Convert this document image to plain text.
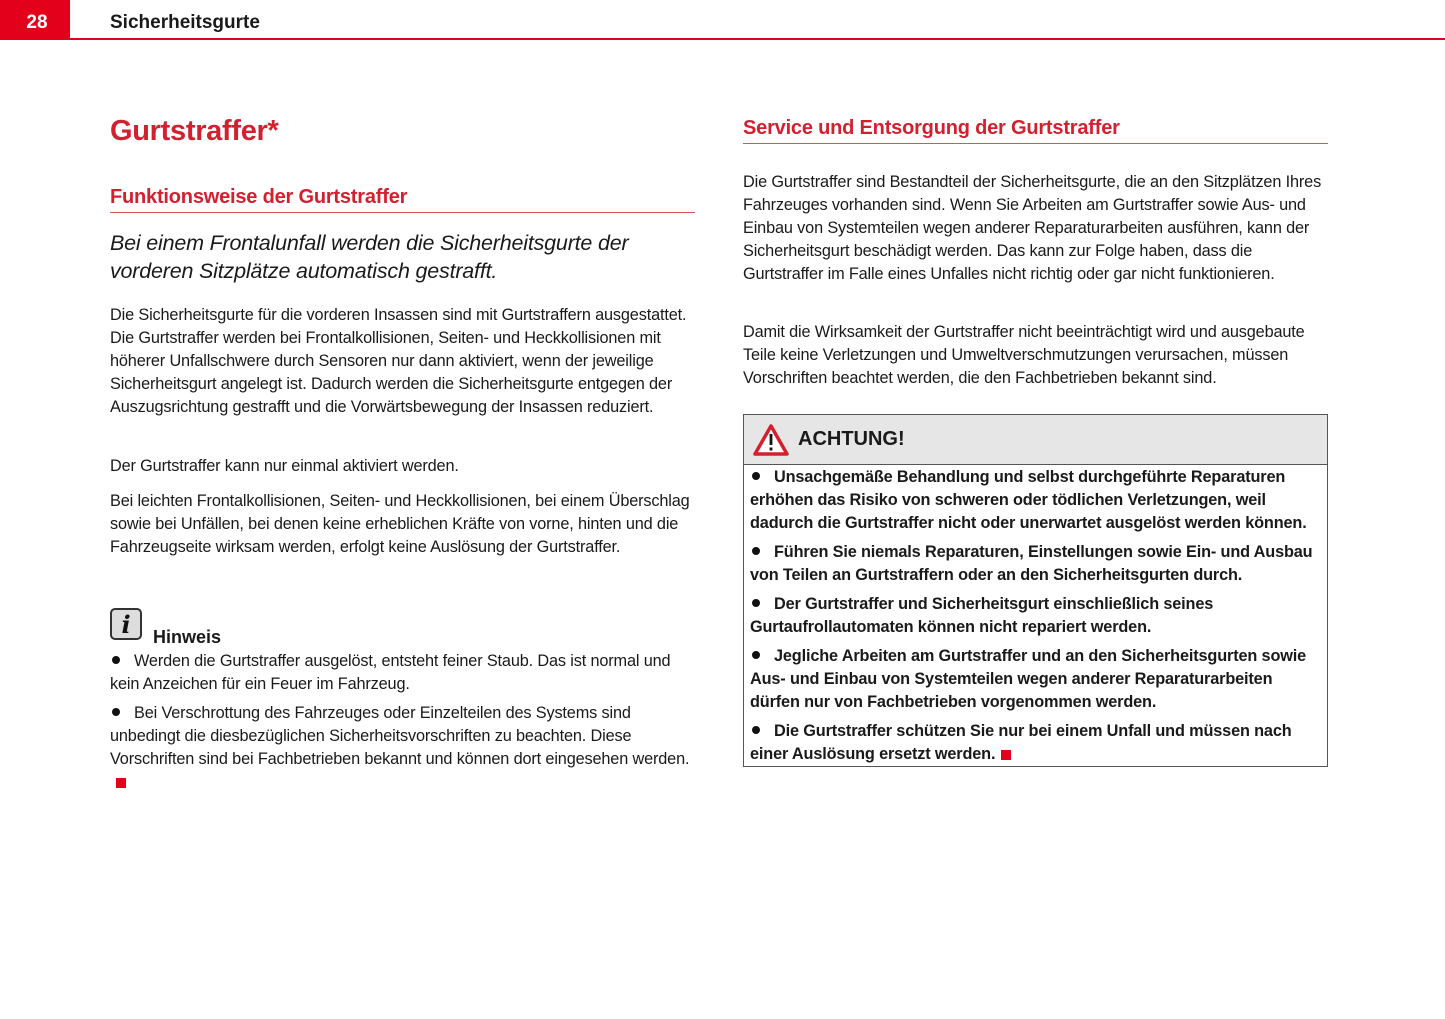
28	Sicherheitsgurte
Gurtstraffer*
Funktionsweise der Gurtstraffer
Bei einem Frontalunfall werden die Sicherheitsgurte der vorderen Sitzplätze automatisch gestrafft.

Die Sicherheitsgurte für die vorderen Insassen sind mit Gurtstraffern ausgestattet. Die Gurtstraffer werden bei Frontalkollisionen, Seiten- und Heckkollisionen mit höherer Unfallschwere durch Sensoren nur dann aktiviert, wenn der jeweilige Sicherheitsgurt angelegt ist. Dadurch werden die Sicherheitsgurte entgegen der Auszugsrichtung gestrafft und die Vorwärtsbewegung der Insassen reduziert.

Der Gurtstraffer kann nur einmal aktiviert werden.

Bei leichten Frontalkollisionen, Seiten- und Heckkollisionen, bei einem Überschlag sowie bei Unfällen, bei denen keine erheblichen Kräfte von vorne, hinten und die Fahrzeugseite wirksam werden, erfolgt keine Auslösung der Gurtstraffer.

i	Hinweis

Werden die Gurtstraffer ausgelöst, entsteht feiner Staub. Das ist normal und kein Anzeichen für ein Feuer im Fahrzeug.

Bei Verschrottung des Fahrzeuges oder Einzelteilen des Systems sind unbedingt die diesbezüglichen Sicherheitsvorschriften zu beachten. Diese Vorschriften sind bei Fachbetrieben bekannt und können dort eingesehen werden.

Service und Entsorgung der Gurtstraffer

Die Gurtstraffer sind Bestandteil der Sicherheitsgurte, die an den Sitzplätzen Ihres Fahrzeuges vorhanden sind. Wenn Sie Arbeiten am Gurtstraffer sowie Aus- und Einbau von Systemteilen wegen anderer Reparaturarbeiten ausführen, kann der Sicherheitsgurt beschädigt werden. Das kann zur Folge haben, dass die Gurtstraffer im Falle eines Unfalles nicht richtig oder gar nicht funktionieren.

Damit die Wirksamkeit der Gurtstraffer nicht beeinträchtigt wird und ausgebaute Teile keine Verletzungen und Umweltverschmutzungen verursachen, müssen Vorschriften beachtet werden, die den Fachbetrieben bekannt sind.

ACHTUNG!

Unsachgemäße Behandlung und selbst durchgeführte Reparaturen erhöhen das Risiko von schweren oder tödlichen Verletzungen, weil dadurch die Gurtstraffer nicht oder unerwartet ausgelöst werden können.

Führen Sie niemals Reparaturen, Einstellungen sowie Ein- und Ausbau von Teilen an Gurtstraffern oder an den Sicherheitsgurten durch.

Der Gurtstraffer und Sicherheitsgurt einschließlich seines Gurtaufrollautomaten können nicht repariert werden.

Jegliche Arbeiten am Gurtstraffer und an den Sicherheitsgurten sowie Aus- und Einbau von Systemteilen wegen anderer Reparaturarbeiten dürfen nur von Fachbetrieben vorgenommen werden.

Die Gurtstraffer schützen Sie nur bei einem Unfall und müssen nach einer Auslösung ersetzt werden.
